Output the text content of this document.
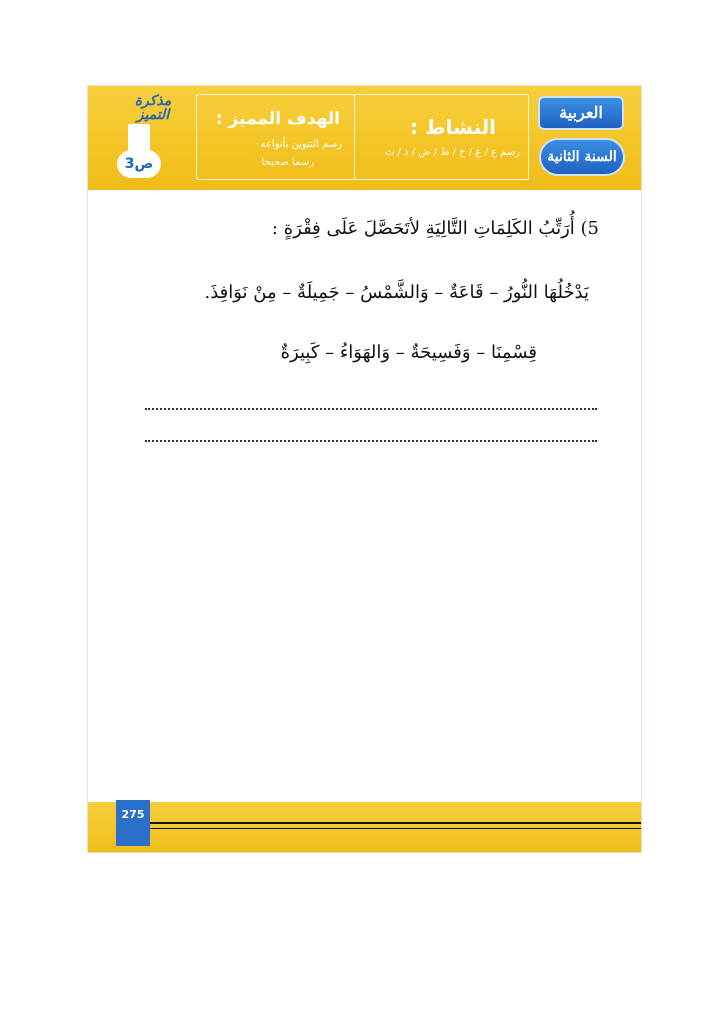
مذكرة التميز
3ص
الهدف المميز :
رسم التنوين بأنواعه
رسما صحيحا
النشاط :
رسم ع / غ / خ / ظ / ض / ذ / ث
العربية
السنة الثانية
5) أُرَتِّبُ الكَلِمَاتِ التَّالِيَةِ لأتَحَصَّلَ عَلَى فِقْرَةٍ :
يَدْخُلُهَا النُّورُ – قَاعَةٌ – وَالشَّمْسُ – جَمِيلَةٌ – مِنْ نَوَافِذَ.
قِسْمِنَا – وَفَسِيحَةٌ – وَالهَوَاءُ – كَبِيرَةٌ
275
